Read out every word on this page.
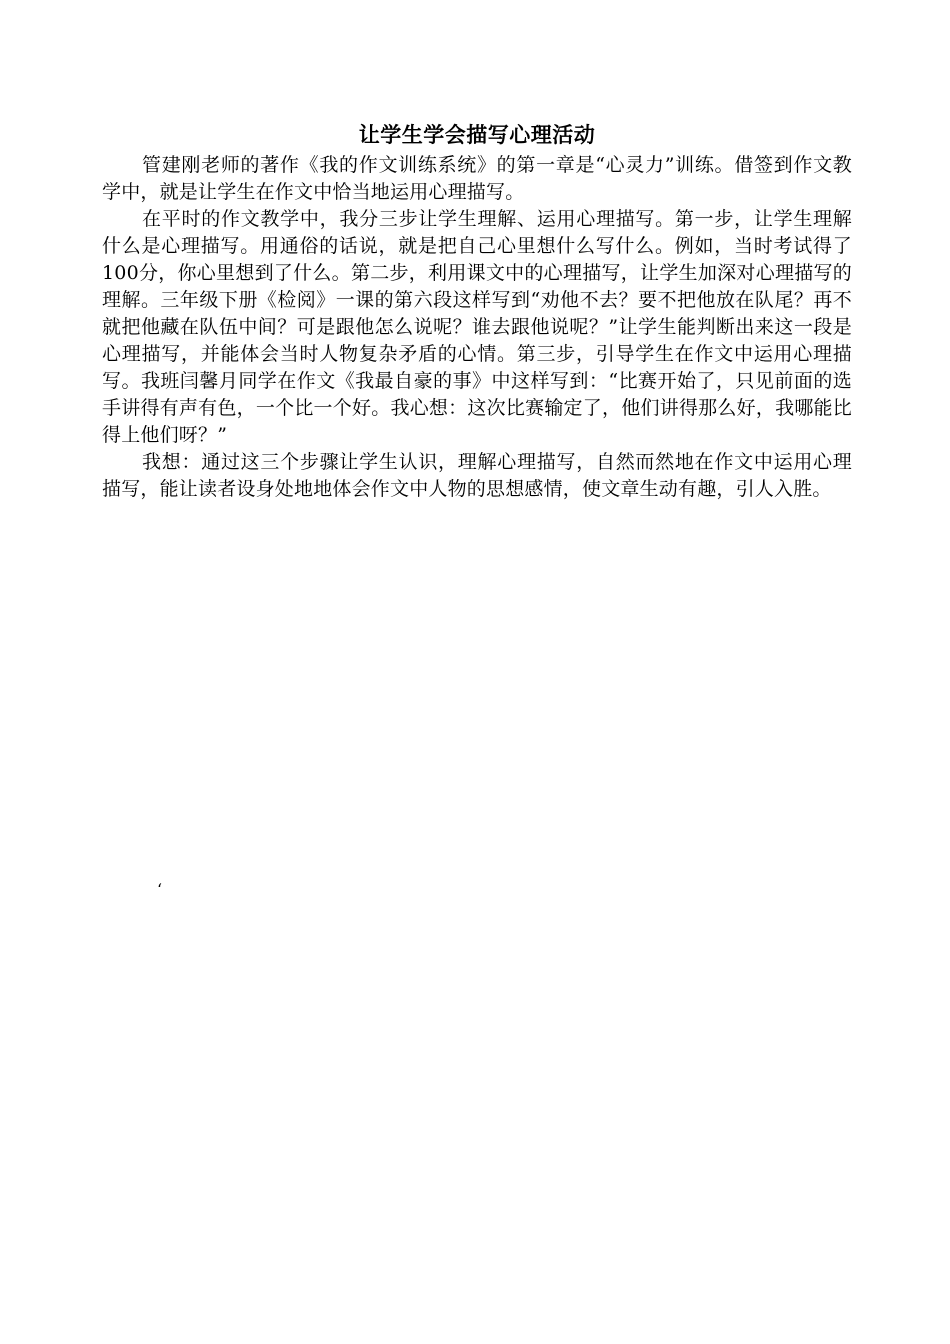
让学生学会描写心理活动

管建刚老师的著作《我的作文训练系统》的第一章是“心灵力”训练。借签到作文教学中，就是让学生在作文中恰当地运用心理描写。

在平时的作文教学中，我分三步让学生理解、运用心理描写。第一步，让学生理解什么是心理描写。用通俗的话说，就是把自己心里想什么写什么。例如，当时考试得了100分，你心里想到了什么。第二步，利用课文中的心理描写，让学生加深对心理描写的理解。三年级下册《检阅》一课的第六段这样写到“劝他不去？要不把他放在队尾？再不就把他藏在队伍中间？可是跟他怎么说呢？谁去跟他说呢？”让学生能判断出来这一段是心理描写，并能体会当时人物复杂矛盾的心情。第三步，引导学生在作文中运用心理描写。我班闫馨月同学在作文《我最自豪的事》中这样写到：“比赛开始了，只见前面的选手讲得有声有色，一个比一个好。我心想：这次比赛输定了，他们讲得那么好，我哪能比得上他们呀？”

我想：通过这三个步骤让学生认识，理解心理描写，自然而然地在作文中运用心理描写，能让读者设身处地地体会作文中人物的思想感情，使文章生动有趣，引人入胜。

‘
